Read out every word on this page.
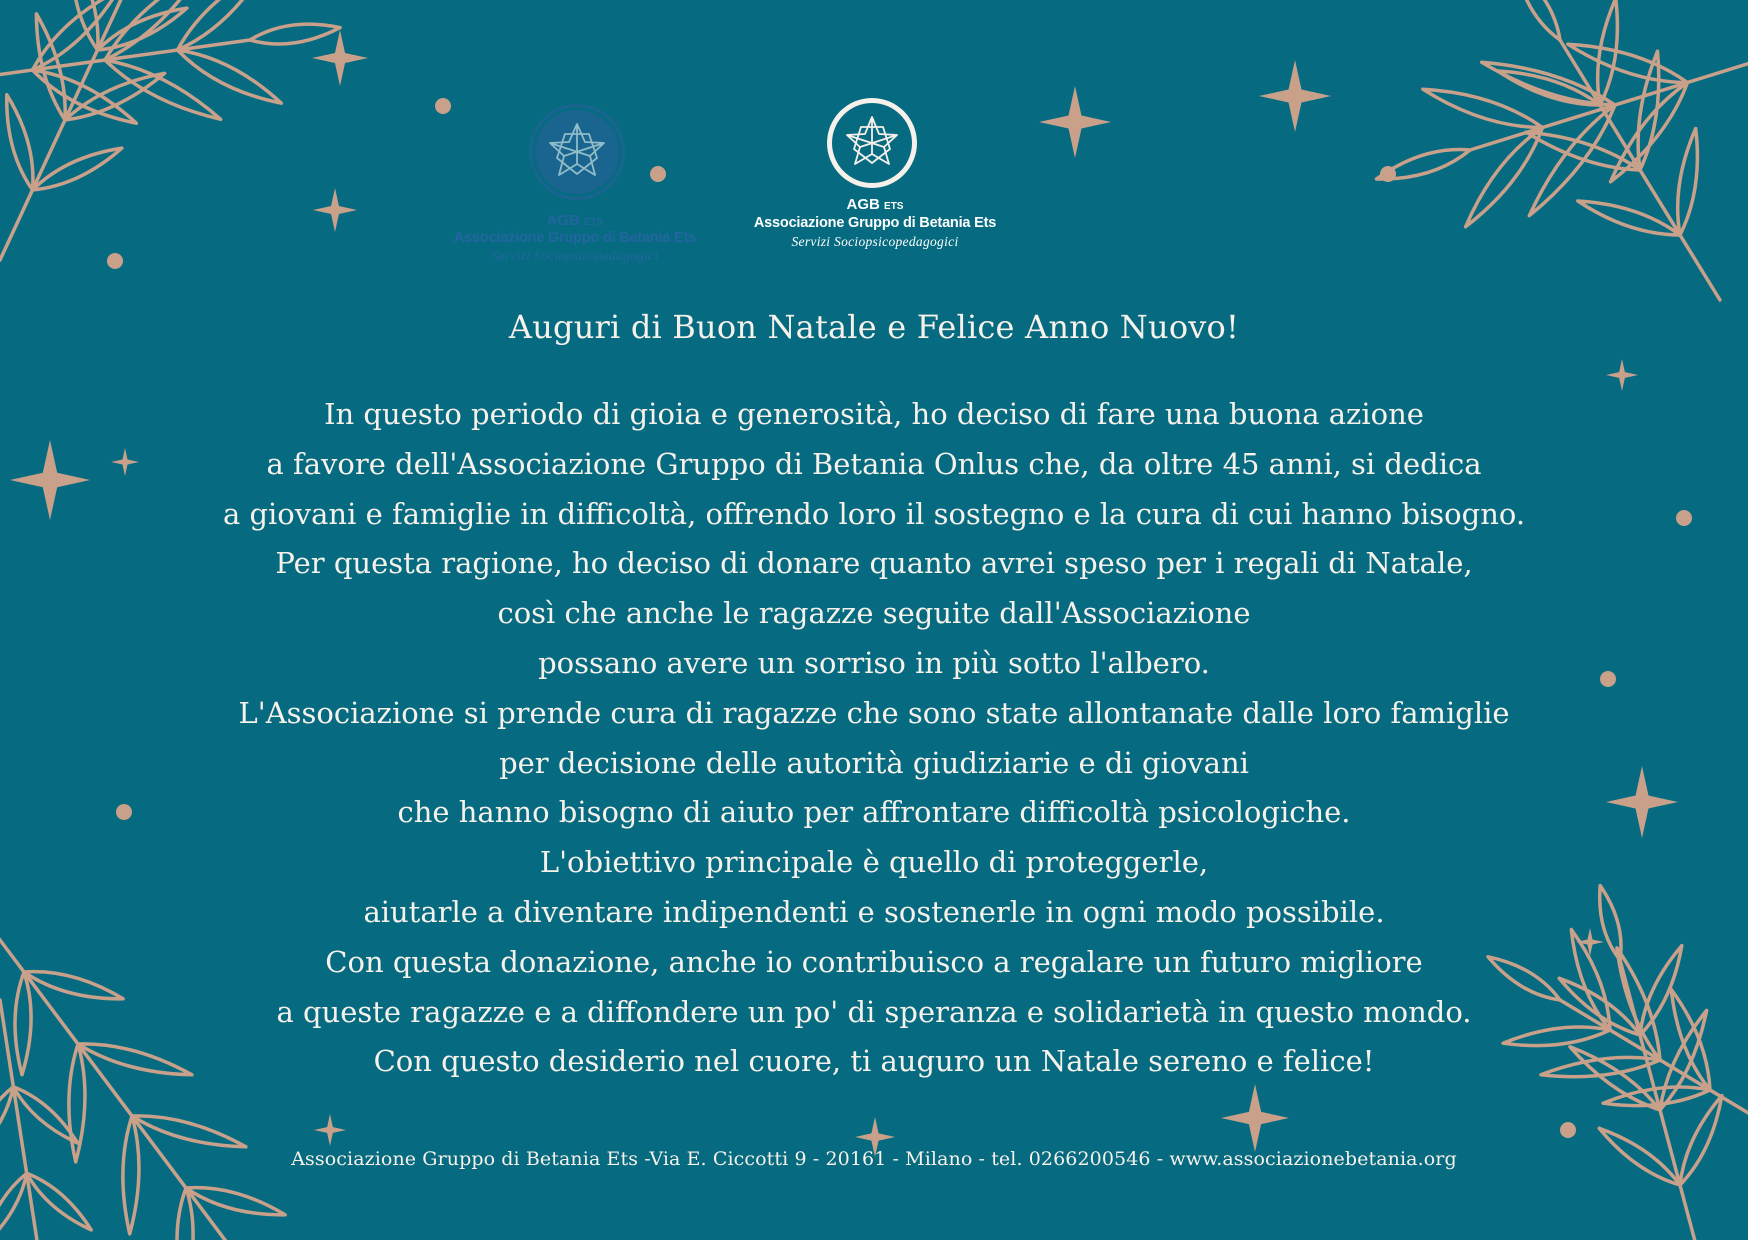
AGB ETS
Associazione Gruppo di Betania Ets
Servizi Sociopsicopedagogici
AGB ETS
Associazione Gruppo di Betania Ets
Servizi Sociopsicopedagogici
Auguri di Buon Natale e Felice Anno Nuovo!
In questo periodo di gioia e generosità, ho deciso di fare una buona azione
a favore dell'Associazione Gruppo di Betania Onlus che, da oltre 45 anni, si dedica
a giovani e famiglie in difficoltà, offrendo loro il sostegno e la cura di cui hanno bisogno.
Per questa ragione, ho deciso di donare quanto avrei speso per i regali di Natale,
così che anche le ragazze seguite dall'Associazione
possano avere un sorriso in più sotto l'albero.
L'Associazione si prende cura di ragazze che sono state allontanate dalle loro famiglie
per decisione delle autorità giudiziarie e di giovani
che hanno bisogno di aiuto per affrontare difficoltà psicologiche.
L'obiettivo principale è quello di proteggerle,
aiutarle a diventare indipendenti e sostenerle in ogni modo possibile.
Con questa donazione, anche io contribuisco a regalare un futuro migliore
a queste ragazze e a diffondere un po' di speranza e solidarietà in questo mondo.
Con questo desiderio nel cuore, ti auguro un Natale sereno e felice!
Associazione Gruppo di Betania Ets -Via E. Ciccotti 9 - 20161 - Milano - tel. 0266200546 - www.associazionebetania.org
